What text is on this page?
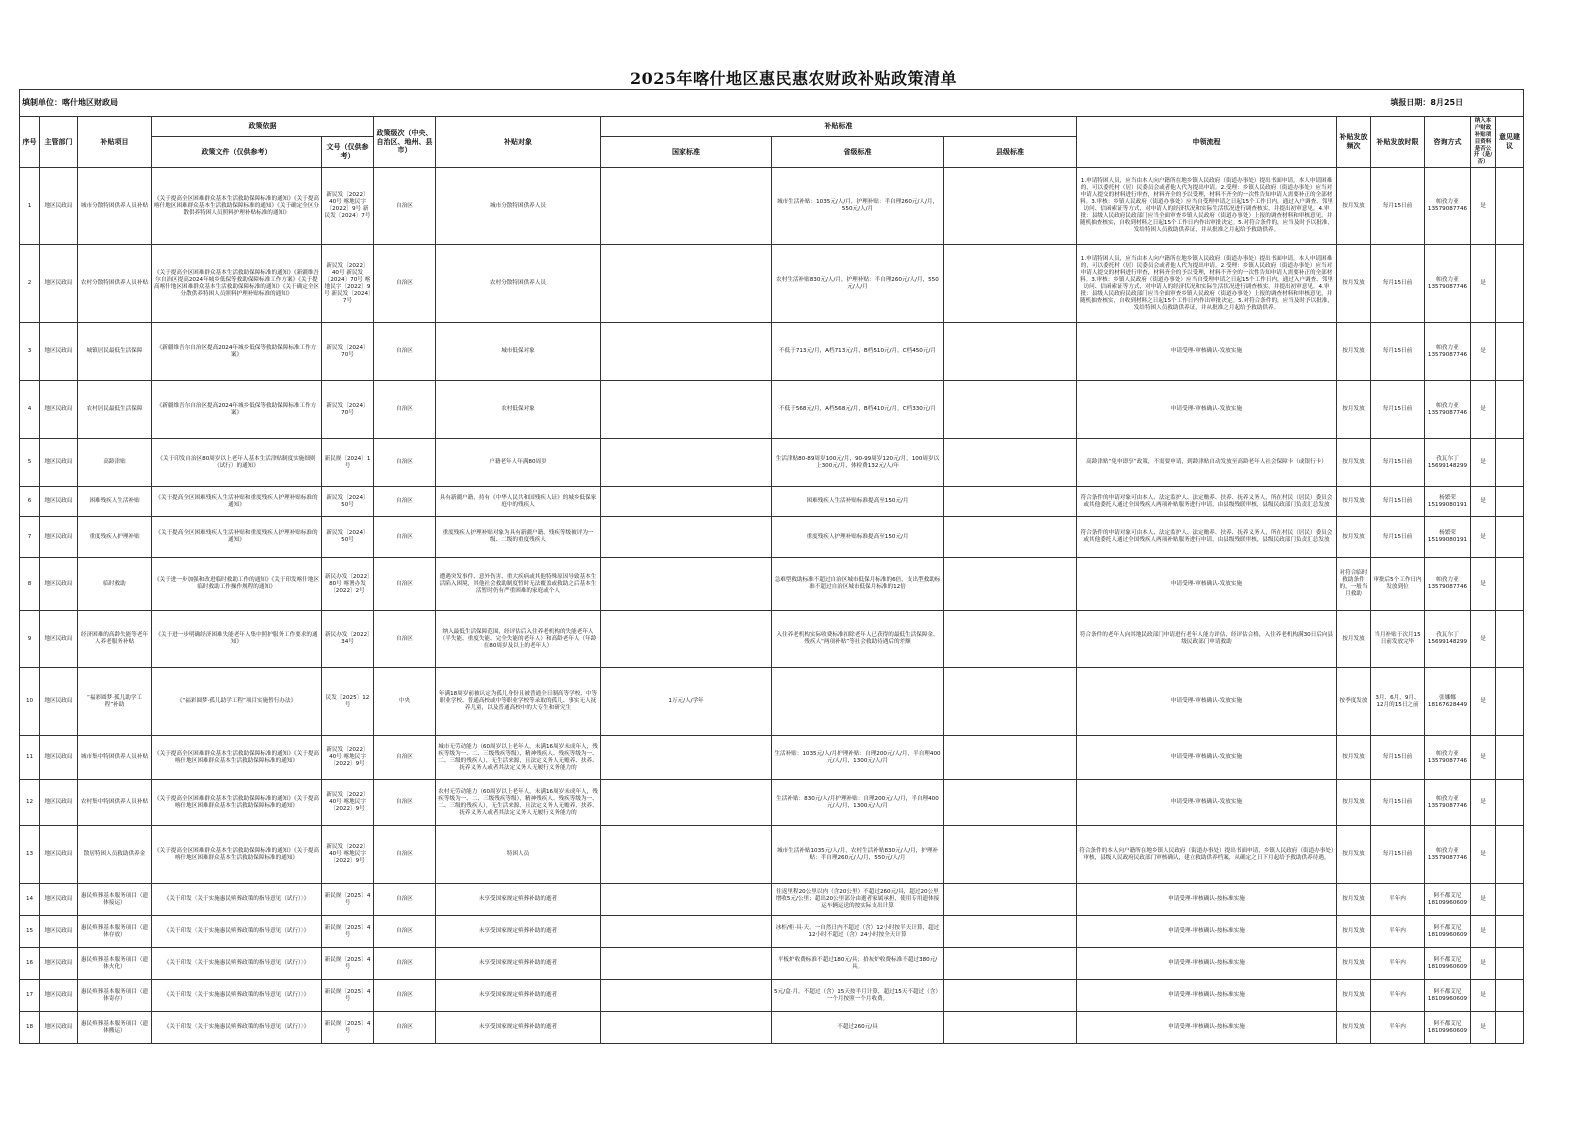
2025年喀什地区惠民惠农财政补贴政策清单
填制单位：喀什地区财政局								填报日期：8月25日							
序号	主管部门	补贴项目	政策依据		政策级次（中央、自治区、地州、县市）	补贴对象	补贴标准			申领流程	补贴发放频次	补贴发放时限	咨询方式	纳入本户财政补贴项目资料是否公开（是/否）	意见建议
			政策文件（仅供参考）	文号（仅供参考）			国家标准	省级标准	县级标准						
1	地区民政局	城市分散特困供养人员补贴	《关于提高全区困难群众基本生活救助保障标准的通知》《关于提高喀什地区困难群众基本生活救助保障标准的通知》《关于确定全区分散供养特困人员照料护理补贴标准的通知》	新民发〔2022〕40号 喀地民字〔2022〕9号 新民发〔2024〕7号	自治区	城市分散特困供养人员		城市生活补贴：1035元/人/月，护理补贴：半自理260元/人/月，550元/人/月		1.申请特困人员，应当由本人向户籍所在地乡镇人民政府（街道办事处）提出书面申请。本人申请困难的，可以委托村（居）民委员会或者他人代为提出申请。2.受理：乡镇人民政府（街道办事处）应当对申请人提交的材料进行审查，材料齐全的予以受理，材料不齐全的一次性告知申请人需要补正的全部材料。3.审核：乡镇人民政府（街道办事处）应当自受理申请之日起15个工作日内，通过入户调查、邻里访问、信函索证等方式，对申请人的经济状况和实际生活状况进行调查核实，并提出初审意见。4.审批：县级人民政府民政部门应当全面审查乡镇人民政府（街道办事处）上报的调查材料和审核意见，并随机抽查核实，自收到材料之日起15个工作日内作出审批决定。5.对符合条件的，应当及时予以批准，发给特困人员救助供养证，并从批准之月起给予救助供养。	按月发放	每月15日前	帕孜力亚 13579087746	是	
2	地区民政局	农村分散特困供养人员补贴	《关于提高全区困难群众基本生活救助保障标准的通知》《新疆维吾尔自治区提高2024年城乡低保等救助保障标准工作方案》《关于提高喀什地区困难群众基本生活救助保障标准的通知》《关于确定全区分散供养特困人员照料护理补贴标准的通知》	新民发〔2022〕40号 新民发〔2024〕70号 喀地民字〔2022〕9号 新民发〔2024〕7号	自治区	农村分散特困供养人员		农村生活补贴830元/人/月，护理补贴：半自理260元/人/月，550元/人/月		1.申请特困人员，应当由本人向户籍所在地乡镇人民政府（街道办事处）提出书面申请。本人申请困难的，可以委托村（居）民委员会或者他人代为提出申请。2.受理：乡镇人民政府（街道办事处）应当对申请人提交的材料进行审查，材料齐全的予以受理，材料不齐全的一次性告知申请人需要补正的全部材料。3.审核：乡镇人民政府（街道办事处）应当自受理申请之日起15个工作日内，通过入户调查、邻里访问、信函索证等方式，对申请人的经济状况和实际生活状况进行调查核实，并提出初审意见。4.审批：县级人民政府民政部门应当全面审查乡镇人民政府（街道办事处）上报的调查材料和审核意见，并随机抽查核实，自收到材料之日起15个工作日内作出审批决定。5.对符合条件的，应当及时予以批准，发给特困人员救助供养证，并从批准之月起给予救助供养。	按月发放	每月15日前	帕孜力亚 13579087746	是	
3	地区民政局	城镇居民最低生活保障	《新疆维吾尔自治区提高2024年城乡低保等救助保障标准工作方案》	新民发〔2024〕70号	自治区	城市低保对象		不低于713元/月，A档713元/月，B档510元/月，C档450元/月		申请受理-审核确认-发放实施	按月发放	每月15日前	帕孜力亚 13579087746	是	
4	地区民政局	农村居民最低生活保障	《新疆维吾尔自治区提高2024年城乡低保等救助保障标准工作方案》	新民发〔2024〕70号	自治区	农村低保对象		不低于568元/月，A档568元/月，B档410元/月，C档330元/月		申请受理-审核确认-发放实施	按月发放	每月15日前	帕孜力亚 13579087746	是	
5	地区民政局	高龄津贴	《关于印发自治区80周岁以上老年人基本生活津贴制度实施细则（试行）的通知》	新民规〔2024〕1号	自治区	户籍老年人年满80周岁		生活津贴80-89周岁100元/月，90-99周岁120元/月，100周岁以上300元/月，体检费132元/人/年		高龄津贴“免申即享”政策，不需要申请，到龄津贴自动发放至高龄老年人社会保障卡（或银行卡）	按月发放	每月15日前	孜瓦尔丁 15699148299	是	
6	地区民政局	困难残疾人生活补贴	《关于提高全区困难残疾人生活补贴和重度残疾人护理补贴标准的通知》	新民发〔2024〕50号	自治区	具有新疆户籍，持有《中华人民共和国残疾人证》的城乡低保家庭中的残疾人		困难残疾人生活补贴标准提高至150元/月		符合条件的申请对象可由本人、法定监护人、法定赡养、扶养、抚养义务人，所在村民（居民）委员会或其他委托人通过全国残疾人两项补贴服务进行申请，由县级残联审核，县级民政部门负责汇总发放	按月发放	每月15日前	杨繁荣 15199080191	是	
7	地区民政局	重度残疾人护理补贴	《关于提高全区困难残疾人生活补贴和重度残疾人护理补贴标准的通知》	新民发〔2024〕50号	自治区	重度残疾人护理补贴对象为具有新疆户籍、残疾等级被评为一级、二级的重度残疾人		重度残疾人护理补贴标准提高至150元/月		符合条件的申请对象可由本人、法定监护人、法定赡养、扶养、抚养义务人，所在村民（居民）委员会或其他委托人通过全国残疾人两项补贴服务进行申请，由县级残联审核，县级民政部门负责汇总发放	按月发放	每月15日前	杨繁荣 15199080191	是	
8	地区民政局	临时救助	《关于进一步加强和改进临时救助工作的通知》《关于印发喀什地区临时救助工作操作规程的通知》	新民办发〔2022〕80号 喀署办发〔2022〕2号	自治区	遭遇突发事件、意外伤害、重大疾病或其他特殊原因导致基本生活陷入困境，其他社会救助制度暂时无法覆盖或救助之后基本生活暂时仍有严重困难的家庭或个人		急难型救助标准不超过自治区城市低保月标准的6倍，支出型救助标准不超过自治区城市低保月标准的12倍		申请受理-审核确认-发放实施	对符合临时救助条件的，一般当月救助	审批后5个工作日内发放到位	帕孜力亚 13579087746	是	
9	地区民政局	经济困难的高龄失能等老年人养老服务补贴	《关于进一步明确经济困难失能老年人集中照护服务工作要求的通知》	新民办发〔2022〕34号	自治区	纳入最低生活保障范围，经评估后入住养老机构的失能老年人（半失能、重度失能、完全失能的老年人）和高龄老年人（年龄在80周岁及以上的老年人）		入住养老机构实际收费标准扣除老年人已获得的最低生活保障金、残疾人“两项补贴”等社会救助待遇后的差额		符合条件的老年人向其地民政部门申请进行老年人能力评估，经评估合格，入住养老机构满30日后向县级民政部门申请救助	按月发放	当月补贴于次月15日前发放完毕	孜瓦尔丁 15699148299	是	
10	地区民政局	“福彩圆梦·孤儿助学工程”补助	《“福彩圆梦·孤儿助学工程”项目实施暂行办法》	民发〔2025〕12号	中央	年满18周岁前被认定为孤儿身份且被普通全日制高等学校、中等职业学校、普通高校或中等职业学校等录取的孤儿、事实无人抚养儿童，以及普通高校中的大专生和研究生	1万元/人/学年			申请受理-审核确认-发放实施	按季度发放	3月、6月、9月、12月的15日之前	张娜娜 18167628449	是	
11	地区民政局	城市集中特困供养人员补贴	《关于提高全区困难群众基本生活救助保障标准的通知》《关于提高喀什地区困难群众基本生活救助保障标准的通知》	新民发〔2022〕40号 喀地民字〔2022〕9号	自治区	城市无劳动能力（60周岁以上老年人，未满16周岁未成年人，残疾等级为一、二、三级残疾等级），精神残疾人、残疾等级为一、二、三级的残疾人），无生活来源，且法定义务人无赡养、扶养、抚养义务人或者其法定义务人无履行义务能力的		生活补贴：1035元/人/月护理补贴：自理200元/人/月，半自理400元/人/月，1300元/人/月		申请受理-审核确认-发放实施	按月发放	每月15日前	帕孜力亚 13579087746	是	
12	地区民政局	农村集中特困供养人员补贴	《关于提高全区困难群众基本生活救助保障标准的通知》《关于提高喀什地区困难群众基本生活救助保障标准的通知》	新民发〔2022〕40号 喀地民字〔2022〕9号	自治区	农村无劳动能力（60周岁以上老年人，未满16周岁未成年人，残疾等级为一、二、三级残疾等级），精神残疾人、残疾等级为一、二、三级的残疾人），无生活来源，且法定义务人无赡养、扶养、抚养义务人或者其法定义务人无履行义务能力的		生活补贴：830元/人/月护理补贴：自理200元/人/月，半自理400元/人/月，1300元/人/月		申请受理-审核确认-发放实施	按月发放	每月15日前	帕孜力亚 13579087746	是	
13	地区民政局	散居特困人员救助供养金	《关于提高全区困难群众基本生活救助保障标准的通知》《关于提高喀什地区困难群众基本生活救助保障标准的通知》	新民发〔2022〕40号 喀地民字〔2022〕9号	自治区	特困人员		城市生活补贴1035元/人/月，农村生活补贴830元/人/月，护理补贴：半自理260元/人/月，550元/人/月		符合条件的本人向户籍所在地乡镇人民政府（街道办事处）提出书面申请，乡镇人民政府（街道办事处）审核，县级人民政府民政部门审核确认，建立救助供养档案，从确定之日下月起给予救助供养待遇。	按月发放	每月15日前	帕孜力亚 13579087746	是	
14	地区民政局	惠民殡葬基本服务项目（遗体接运）	《关于印发〈关于实施惠民殡葬政策的指导意见（试行）〉》	新民规〔2025〕4号	自治区	未享受国家规定殡葬补助的逝者		往返里程20公里以内（含20公里）不超过260元/具，超过20公里增收5元/公里；超出20公里部分由逝者家属承担，使用专用遗体接运车辆运送的按实际支出计算		申请受理-审核确认-按标准实施	按月发放	半年内	阿不都艾尼 18109960609	是	
15	地区民政局	惠民殡葬基本服务项目（遗体存放）	《关于印发〈关于实施惠民殡葬政策的指导意见（试行）〉》	新民规〔2025〕4号	自治区	未享受国家规定殡葬补助的逝者		冰柜/柜·具·天，一自然日内不超过（含）12小时按半天计算，超过12小时不超过（含）24小时按全天计算		申请受理-审核确认-按标准实施	按月发放	半年内	阿不都艾尼 18109960609	是	
16	地区民政局	惠民殡葬基本服务项目（遗体火化）	《关于印发〈关于实施惠民殡葬政策的指导意见（试行）〉》	新民规〔2025〕4号	自治区	未享受国家规定殡葬补助的逝者		平板炉收费标准不超过180元/具；拾灰炉收费标准不超过380元/具。		申请受理-审核确认-按标准实施	按月发放	半年内	阿不都艾尼 18109960609	是	
17	地区民政局	惠民殡葬基本服务项目（遗体寄存）	《关于印发〈关于实施惠民殡葬政策的指导意见（试行）〉》	新民规〔2025〕4号	自治区	未享受国家规定殡葬补助的逝者		5元/盒·月，不超过（含）15天按半月计算，超过15天不超过（含）一个月按照一个月收费。		申请受理-审核确认-按标准实施	按月发放	半年内	阿不都艾尼 18109960609	是	
18	地区民政局	惠民殡葬基本服务项目（遗体搬运）	《关于印发〈关于实施惠民殡葬政策的指导意见（试行）〉》	新民规〔2025〕4号	自治区	未享受国家规定殡葬补助的逝者		不超过260元/具		申请受理-审核确认-按标准实施	按月发放	半年内	阿不都艾尼 18109960609	是	
